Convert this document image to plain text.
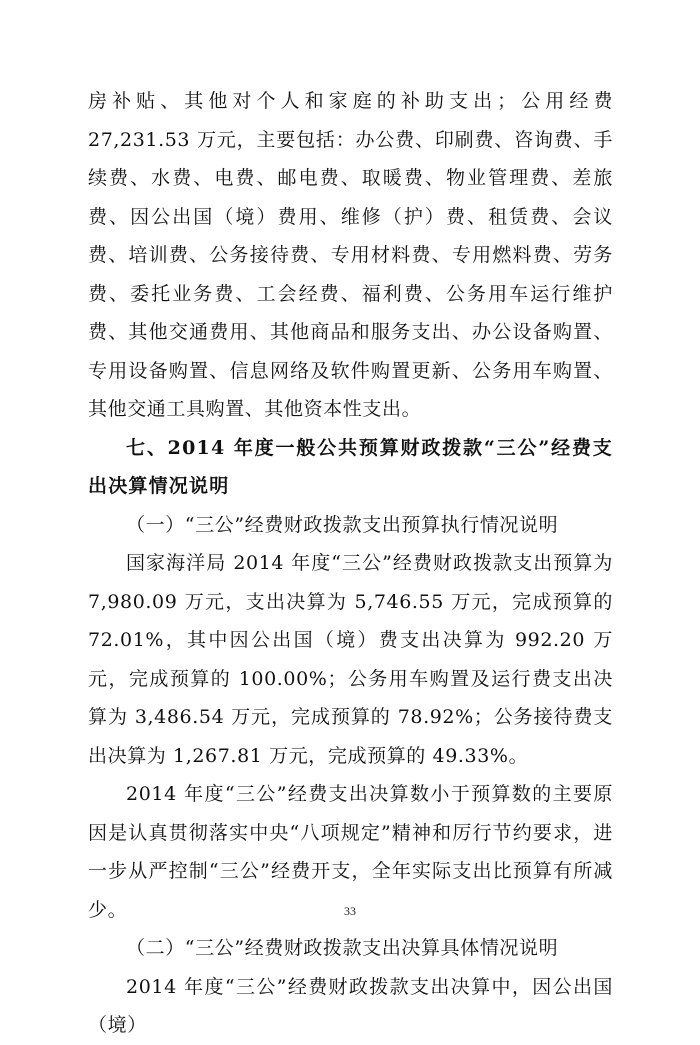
房补贴、其他对个人和家庭的补助支出；公用经费 27,231.53 万元，主要包括：办公费、印刷费、咨询费、手续费、水费、电费、邮电费、取暖费、物业管理费、差旅费、因公出国（境）费用、维修（护）费、租赁费、会议费、培训费、公务接待费、专用材料费、专用燃料费、劳务费、委托业务费、工会经费、福利费、公务用车运行维护费、其他交通费用、其他商品和服务支出、办公设备购置、专用设备购置、信息网络及软件购置更新、公务用车购置、其他交通工具购置、其他资本性支出。

七、2014 年度一般公共预算财政拨款“三公”经费支出决算情况说明

（一）“三公”经费财政拨款支出预算执行情况说明

国家海洋局 2014 年度“三公”经费财政拨款支出预算为 7,980.09 万元，支出决算为 5,746.55 万元，完成预算的 72.01%，其中因公出国（境）费支出决算为 992.20 万元，完成预算的 100.00%；公务用车购置及运行费支出决算为 3,486.54 万元，完成预算的 78.92%；公务接待费支出决算为 1,267.81 万元，完成预算的 49.33%。

2014 年度“三公”经费支出决算数小于预算数的主要原因是认真贯彻落实中央“八项规定”精神和厉行节约要求，进一步从严控制“三公”经费开支，全年实际支出比预算有所减少。

（二）“三公”经费财政拨款支出决算具体情况说明

2014 年度“三公”经费财政拨款支出决算中，因公出国（境）

33
